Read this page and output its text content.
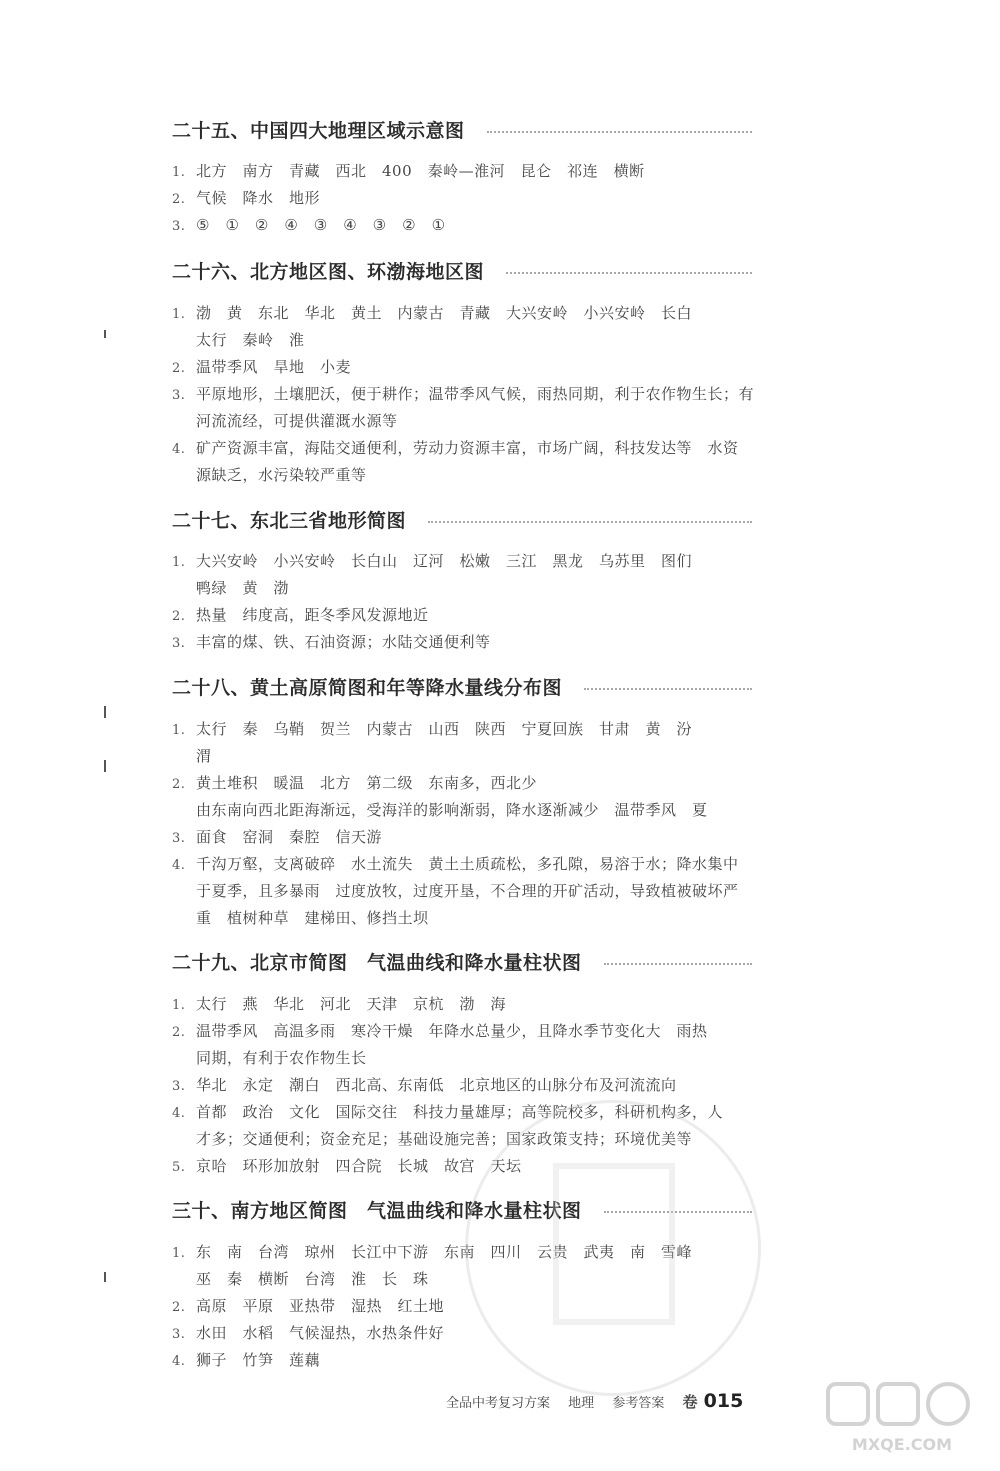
二十五、中国四大地理区域示意图
1. 北方　南方　青藏　西北　400　秦岭—淮河　昆仑　祁连　横断
2. 气候　降水　地形
3. ⑤　①　②　④　③　④　③　②　①
二十六、北方地区图、环渤海地区图
1. 渤　黄　东北　华北　黄土　内蒙古　青藏　大兴安岭　小兴安岭　长白
太行　秦岭　淮
2. 温带季风　旱地　小麦
3. 平原地形，土壤肥沃，便于耕作；温带季风气候，雨热同期，利于农作物生长；有
河流流经，可提供灌溉水源等
4. 矿产资源丰富，海陆交通便利，劳动力资源丰富，市场广阔，科技发达等　水资
源缺乏，水污染较严重等
二十七、东北三省地形简图
1. 大兴安岭　小兴安岭　长白山　辽河　松嫩　三江　黑龙　乌苏里　图们
鸭绿　黄　渤
2. 热量　纬度高，距冬季风发源地近
3. 丰富的煤、铁、石油资源；水陆交通便利等
二十八、黄土高原简图和年等降水量线分布图
1. 太行　秦　乌鞘　贺兰　内蒙古　山西　陕西　宁夏回族　甘肃　黄　汾
渭
2. 黄土堆积　暖温　北方　第二级　东南多，西北少
由东南向西北距海渐远，受海洋的影响渐弱，降水逐渐减少　温带季风　夏
3. 面食　窑洞　秦腔　信天游
4. 千沟万壑，支离破碎　水土流失　黄土土质疏松，多孔隙，易溶于水；降水集中
于夏季，且多暴雨　过度放牧，过度开垦，不合理的开矿活动，导致植被破坏严
重　植树种草　建梯田、修挡土坝
二十九、北京市简图　气温曲线和降水量柱状图
1. 太行　燕　华北　河北　天津　京杭　渤　海
2. 温带季风　高温多雨　寒冷干燥　年降水总量少，且降水季节变化大　雨热
同期，有利于农作物生长
3. 华北　永定　潮白　西北高、东南低　北京地区的山脉分布及河流流向
4. 首都　政治　文化　国际交往　科技力量雄厚；高等院校多，科研机构多，人
才多；交通便利；资金充足；基础设施完善；国家政策支持；环境优美等
5. 京哈　环形加放射　四合院　长城　故宫　天坛
三十、南方地区简图　气温曲线和降水量柱状图
1. 东　南　台湾　琼州　长江中下游　东南　四川　云贵　武夷　南　雪峰
巫　秦　横断　台湾　淮　长　珠
2. 高原　平原　亚热带　湿热　红土地
3. 水田　水稻　气候湿热，水热条件好
4. 狮子　竹笋　莲藕
全品中考复习方案 地理 参考答案 卷 015
MXQE.COM
